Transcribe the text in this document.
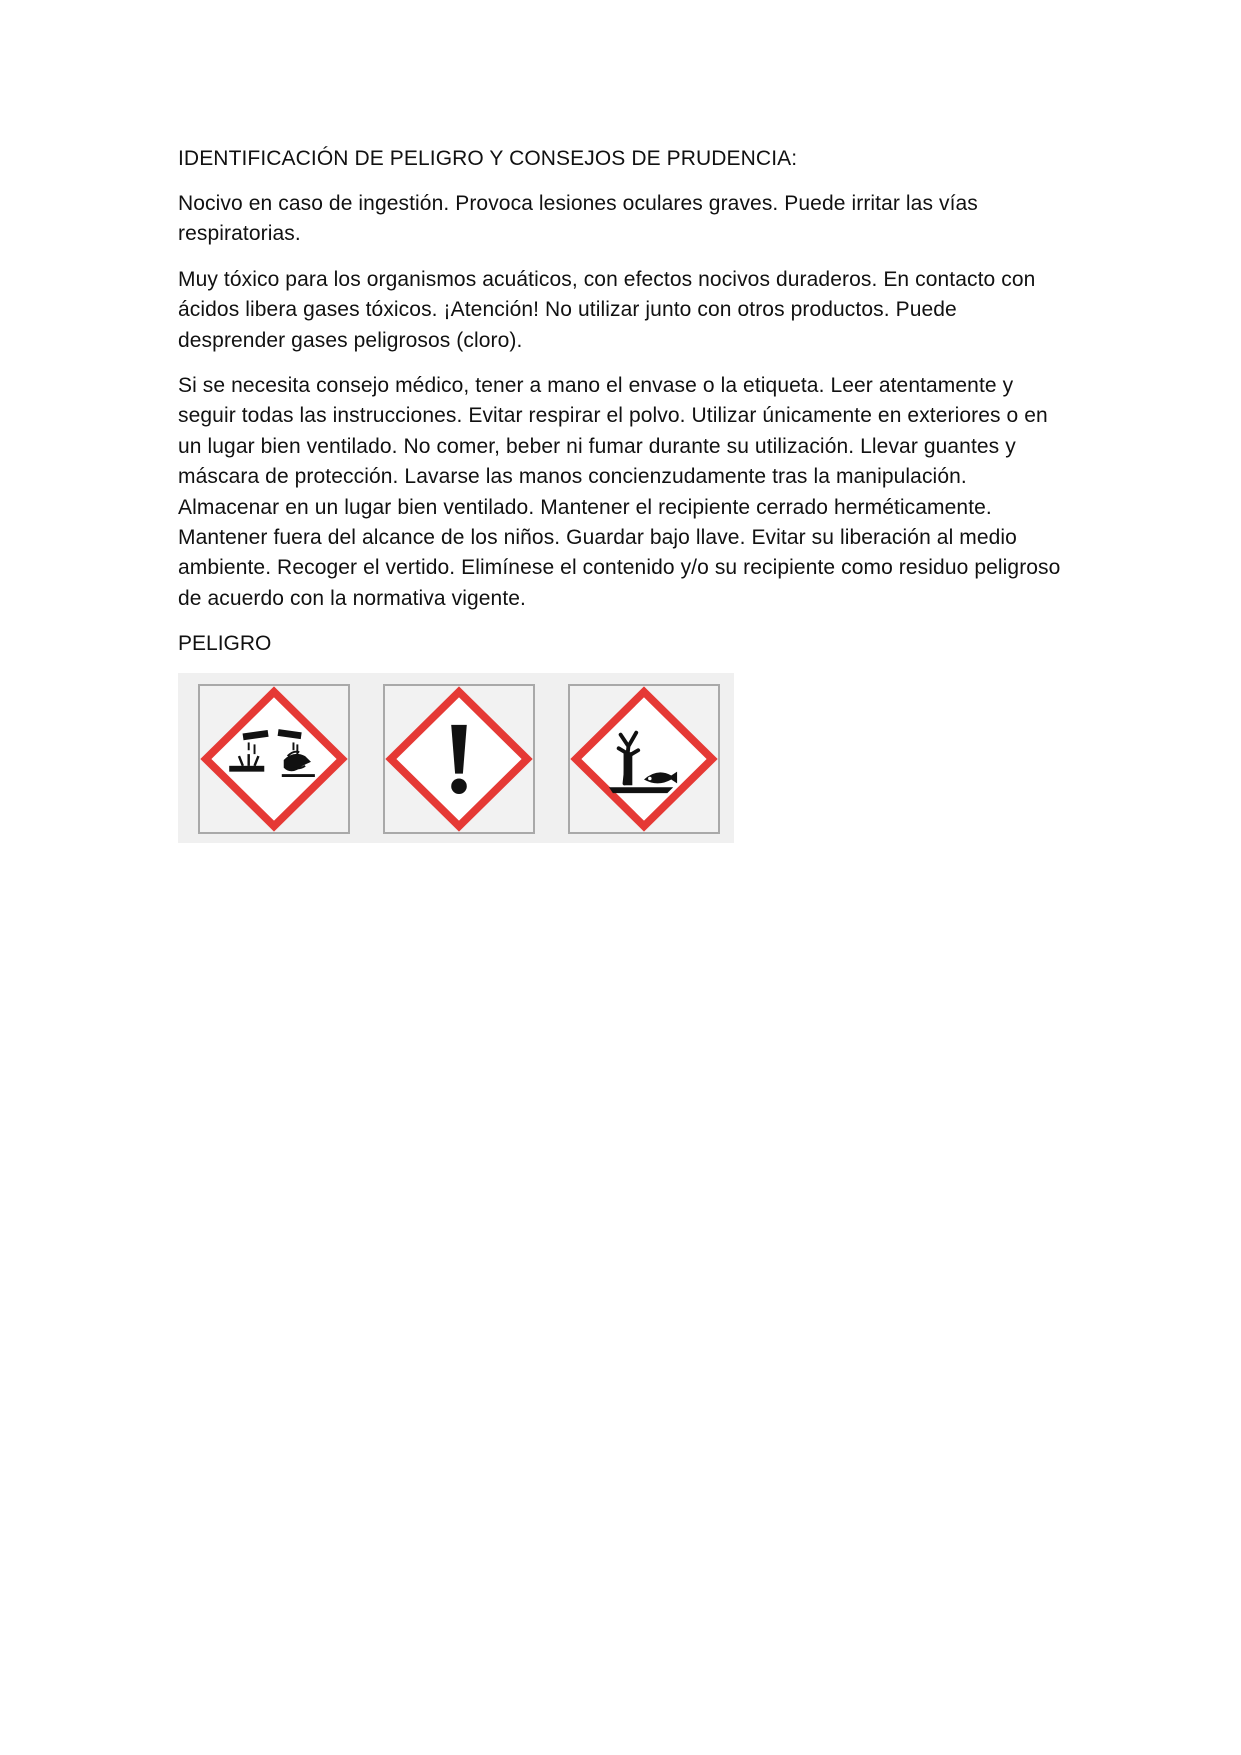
IDENTIFICACIÓN DE PELIGRO Y CONSEJOS DE PRUDENCIA:

Nocivo en caso de ingestión. Provoca lesiones oculares graves. Puede irritar las vías respiratorias.

Muy tóxico para los organismos acuáticos, con efectos nocivos duraderos. En contacto con ácidos libera gases tóxicos. ¡Atención! No utilizar junto con otros productos. Puede desprender gases peligrosos (cloro).

Si se necesita consejo médico, tener a mano el envase o la etiqueta. Leer atentamente y seguir todas las instrucciones. Evitar respirar el polvo. Utilizar únicamente en exteriores o en un lugar bien ventilado. No comer, beber ni fumar durante su utilización. Llevar guantes y máscara de protección. Lavarse las manos concienzudamente tras la manipulación. Almacenar en un lugar bien ventilado. Mantener el recipiente cerrado herméticamente. Mantener fuera del alcance de los niños. Guardar bajo llave. Evitar su liberación al medio ambiente. Recoger el vertido. Elimínese el contenido y/o su recipiente como residuo peligroso de acuerdo con la normativa vigente.

PELIGRO
